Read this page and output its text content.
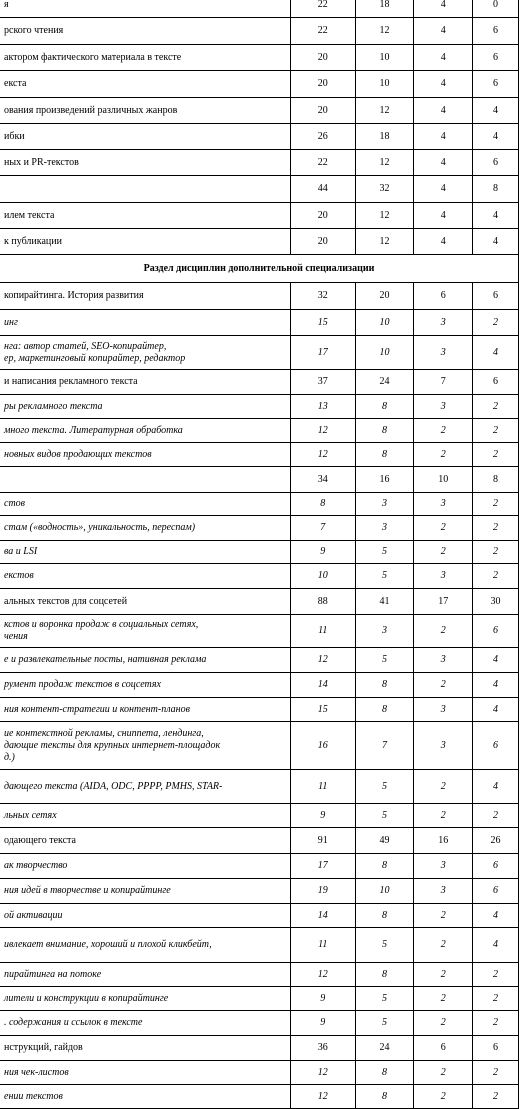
я	22	18	4	0
рского чтения	22	12	4	6
актором фактического материала в тексте	20	10	4	6
екста	20	10	4	6
ования произведений различных жанров	20	12	4	4
ибки	26	18	4	4
ных и PR-текстов	22	12	4	6
	44	32	4	8
илем текста	20	12	4	4
к публикации	20	12	4	4
Раздел дисциплин дополнительной специализации				
копирайтинга. История развития	32	20	6	6
инг	15	10	3	2
нга: автор статей, SEO-копирайтер,
ер, маркетинговый копирайтер, редактор	17	10	3	4
и написания рекламного текста	37	24	7	6
ры рекламного текста	13	8	3	2
много текста. Литературная обработка	12	8	2	2
новных видов продающих текстов	12	8	2	2
	34	16	10	8
стов	8	3	3	2
стам («водность», уникальность, переспам)	7	3	2	2
ва и LSI	9	5	2	2
екстов	10	5	3	2
альных текстов для соцсетей	88	41	17	30
кстов и воронка продаж в социальных сетях,
чения	11	3	2	6
е и развлекательные посты, нативная реклама	12	5	3	4
румент продаж текстов в соцсетях	14	8	2	4
ния контент-стратегии и контент-планов	15	8	3	4
ие контекстной рекламы, сниппета, лендинга,
дающие тексты для крупных интернет-площадок
д.)	16	7	3	6
дающего текста (AIDA, ODC, PPPP, PMHS, STAR-	11	5	2	4
льных сетях	9	5	2	2
одающего текста	91	49	16	26
ак творчество	17	8	3	6
ния идей в творчестве и копирайтинге	19	10	3	6
ой активации	14	8	2	4
ивлекает внимание, хороший и плохой кликбейт,	11	5	2	4
пирайтинга на потоке	12	8	2	2
лители и конструкции в копирайтинге	9	5	2	2
. содержания и ссылок в тексте	9	5	2	2
нструкций, гайдов	36	24	6	6
ния чек-листов	12	8	2	2
ении текстов	12	8	2	2
